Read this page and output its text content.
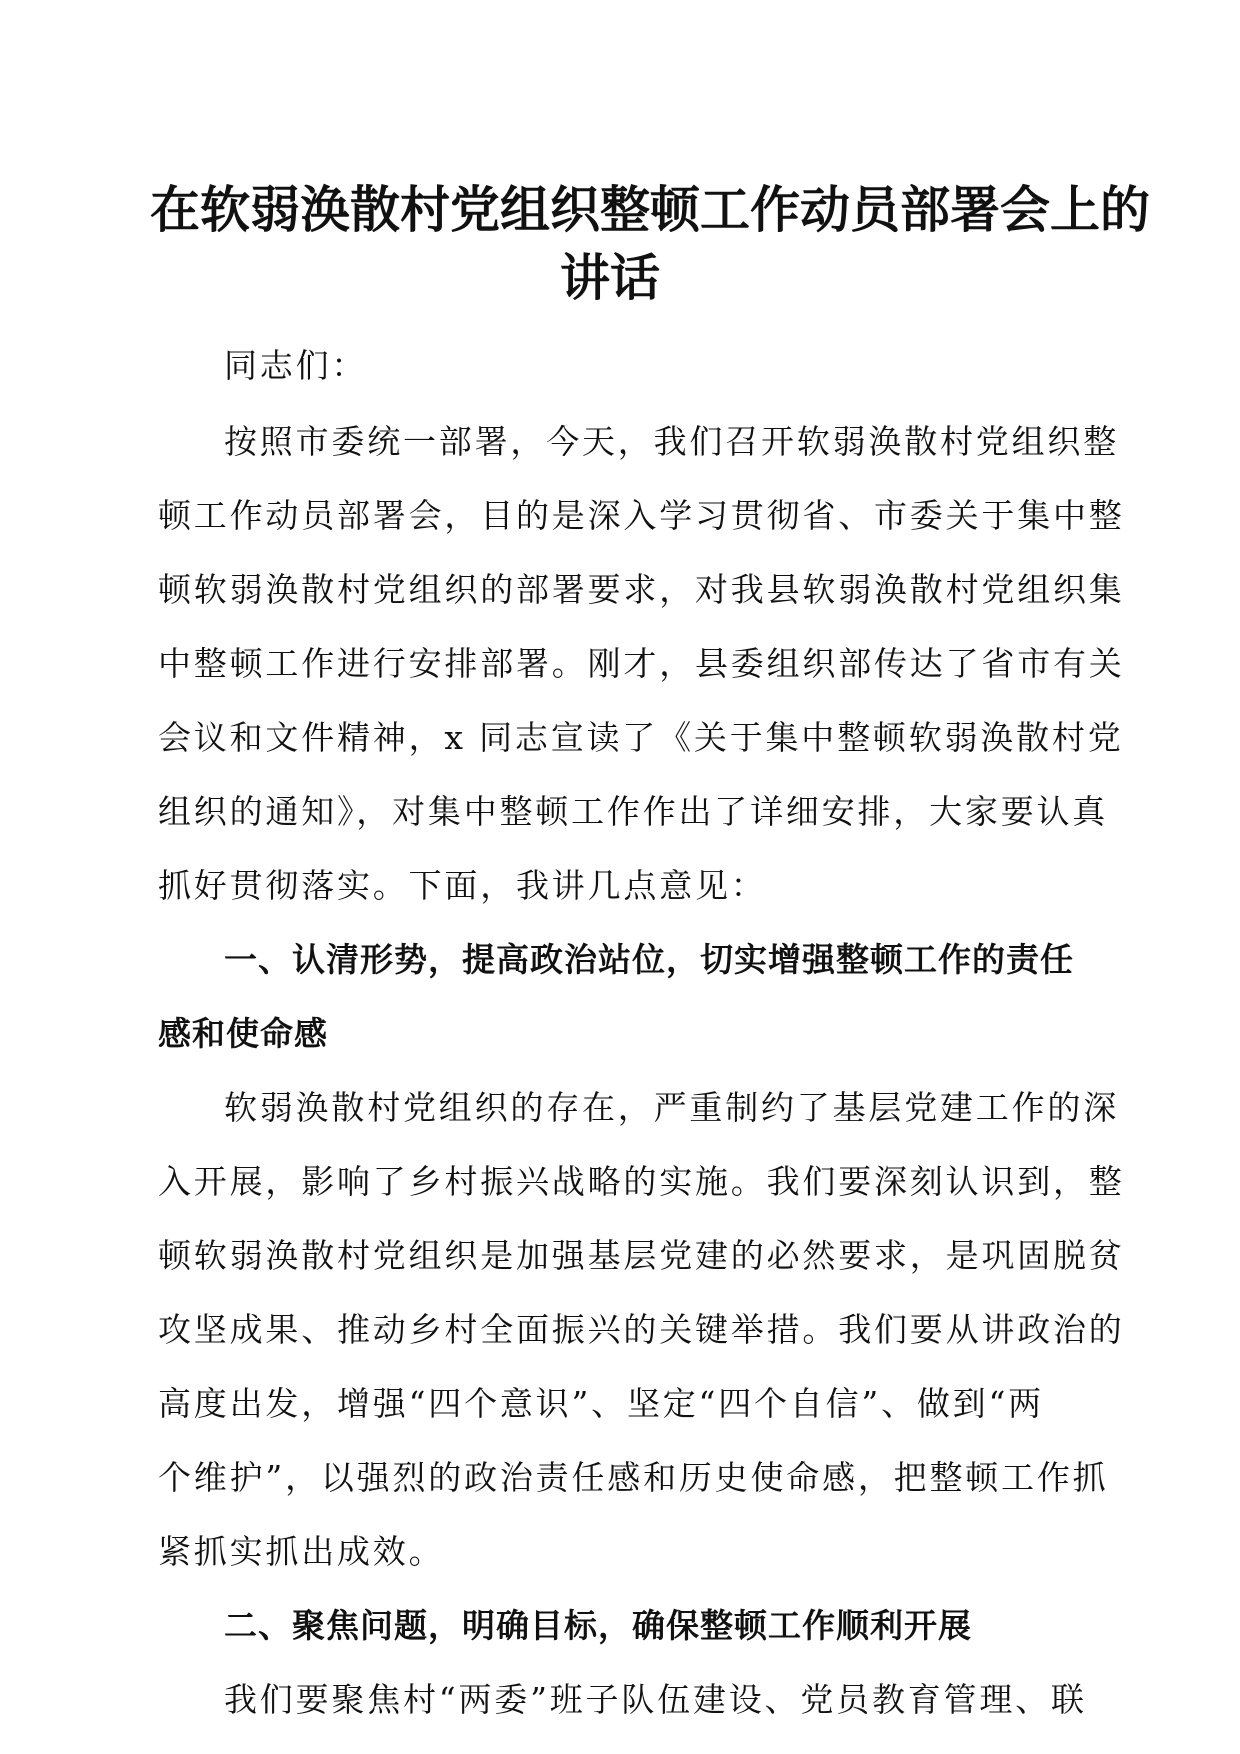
在软弱涣散村党组织整顿工作动员部署会上的
讲话

同志们：

按照市委统一部署，今天，我们召开软弱涣散村党组织整

顿工作动员部署会，目的是深入学习贯彻省、市委关于集中整

顿软弱涣散村党组织的部署要求，对我县软弱涣散村党组织集

中整顿工作进行安排部署。刚才，县委组织部传达了省市有关

会议和文件精神，x 同志宣读了《关于集中整顿软弱涣散村党

组织的通知》，对集中整顿工作作出了详细安排，大家要认真

抓好贯彻落实。下面，我讲几点意见：

一、认清形势，提高政治站位，切实增强整顿工作的责任

感和使命感

软弱涣散村党组织的存在，严重制约了基层党建工作的深

入开展，影响了乡村振兴战略的实施。我们要深刻认识到，整

顿软弱涣散村党组织是加强基层党建的必然要求，是巩固脱贫

攻坚成果、推动乡村全面振兴的关键举措。我们要从讲政治的

高度出发，增强“四个意识”、坚定“四个自信”、做到“两

个维护”，以强烈的政治责任感和历史使命感，把整顿工作抓

紧抓实抓出成效。

二、聚焦问题，明确目标，确保整顿工作顺利开展

我们要聚焦村“两委”班子队伍建设、党员教育管理、联
